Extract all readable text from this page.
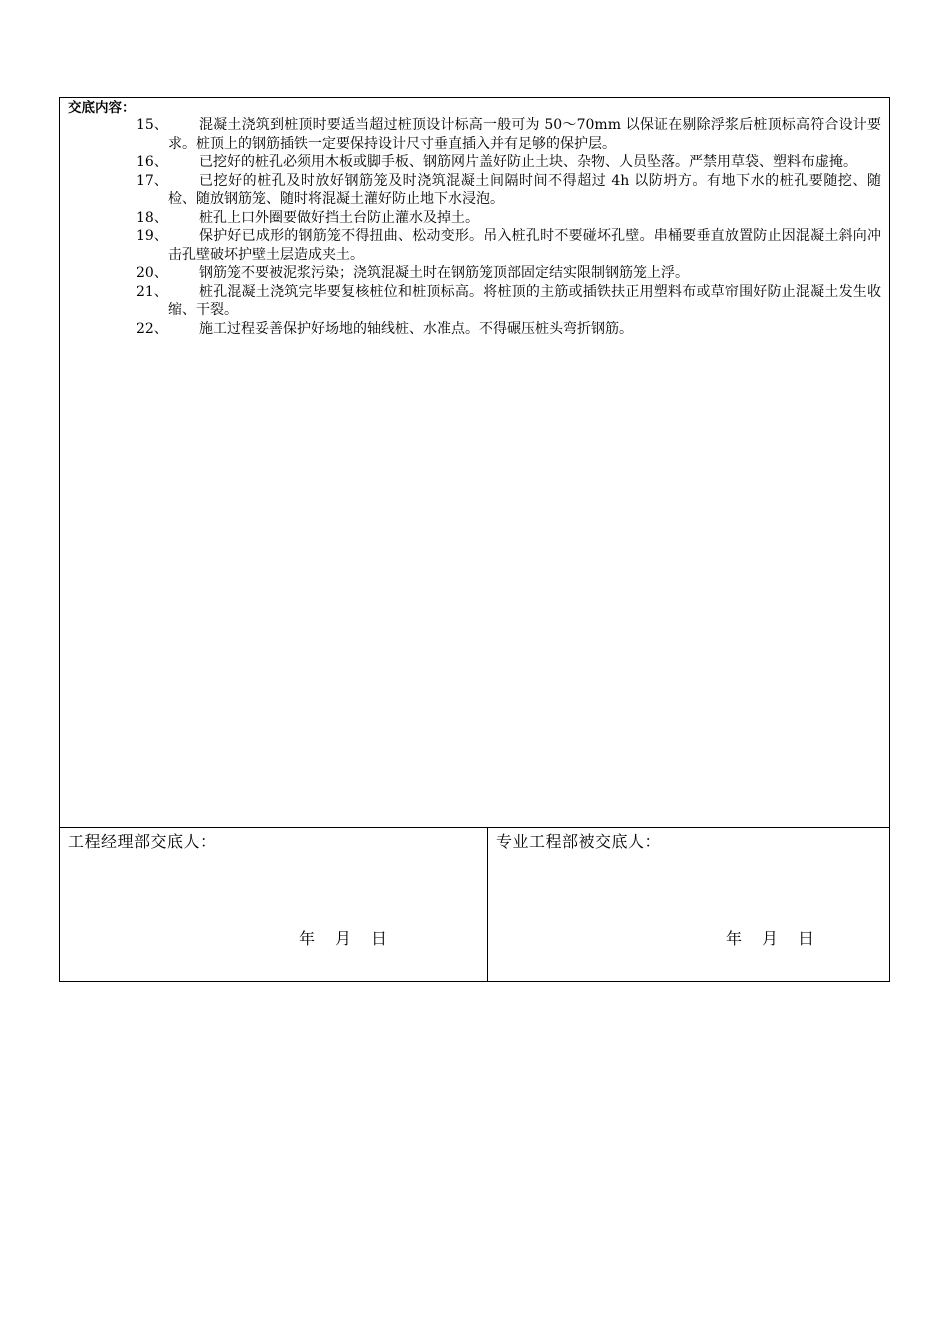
交底内容：
15、	混凝土浇筑到桩顶时要适当超过桩顶设计标高一般可为 50～70mm 以保证在剔除浮浆后桩顶标高符合设计要求。桩顶上的钢筋插铁一定要保持设计尺寸垂直插入并有足够的保护层。
16、	已挖好的桩孔必须用木板或脚手板、钢筋网片盖好防止土块、杂物、人员坠落。严禁用草袋、塑料布虚掩。
17、	已挖好的桩孔及时放好钢筋笼及时浇筑混凝土间隔时间不得超过 4h 以防坍方。有地下水的桩孔要随挖、随检、随放钢筋笼、随时将混凝土灌好防止地下水浸泡。
18、	桩孔上口外圈要做好挡土台防止灌水及掉土。
19、	保护好已成形的钢筋笼不得扭曲、松动变形。吊入桩孔时不要碰坏孔壁。串桶要垂直放置防止因混凝土斜向冲击孔壁破坏护壁土层造成夹土。
20、	钢筋笼不要被泥浆污染；浇筑混凝土时在钢筋笼顶部固定结实限制钢筋笼上浮。
21、	桩孔混凝土浇筑完毕要复核桩位和桩顶标高。将桩顶的主筋或插铁扶正用塑料布或草帘围好防止混凝土发生收缩、干裂。
22、	施工过程妥善保护好场地的轴线桩、水准点。不得碾压桩头弯折钢筋。
工程经理部交底人：
年 月 日
专业工程部被交底人：
年 月 日
